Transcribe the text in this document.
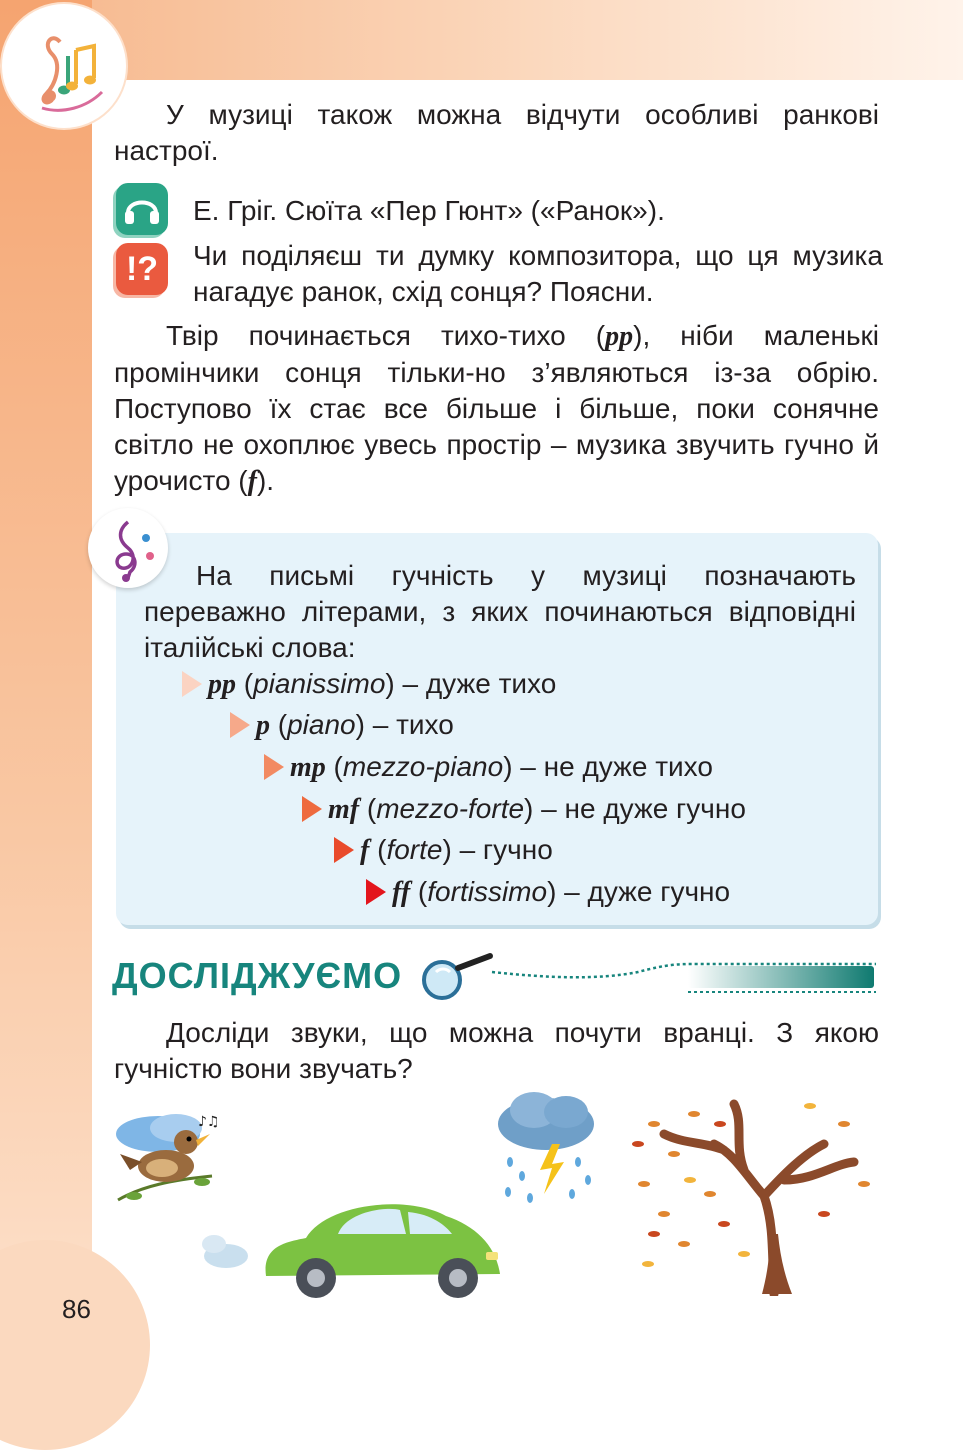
У музиці також можна відчути особливі ранкові настрої.

Е. Гріг. Сюїта «Пер Гюнт» («Ранок»).

!?	Чи поділяєш ти думку композитора, що ця музика нагадує ранок, схід сонця? Поясни.

Твір починається тихо-тихо (pp), ніби маленькі промінчики сонця тільки-но з’являються із-за обрію. Поступово їх стає все більше і більше, поки сонячне світло не охоплює увесь простір – музика звучить гучно й урочисто (f).

На письмі гучність у музиці позначають переважно літерами, з яких починаються відповідні італійські слова:

pp (pianissimo) – дуже тихо
p (piano) – тихо
mp (mezzo-piano) – не дуже тихо
mf (mezzo-forte) – не дуже гучно
f (forte) – гучно
ff (fortissimo) – дуже гучно
ДОСЛІДЖУЄМО

Досліди звуки, що можна почути вранці. З якою гучністю вони звучать?

♪♫

86
